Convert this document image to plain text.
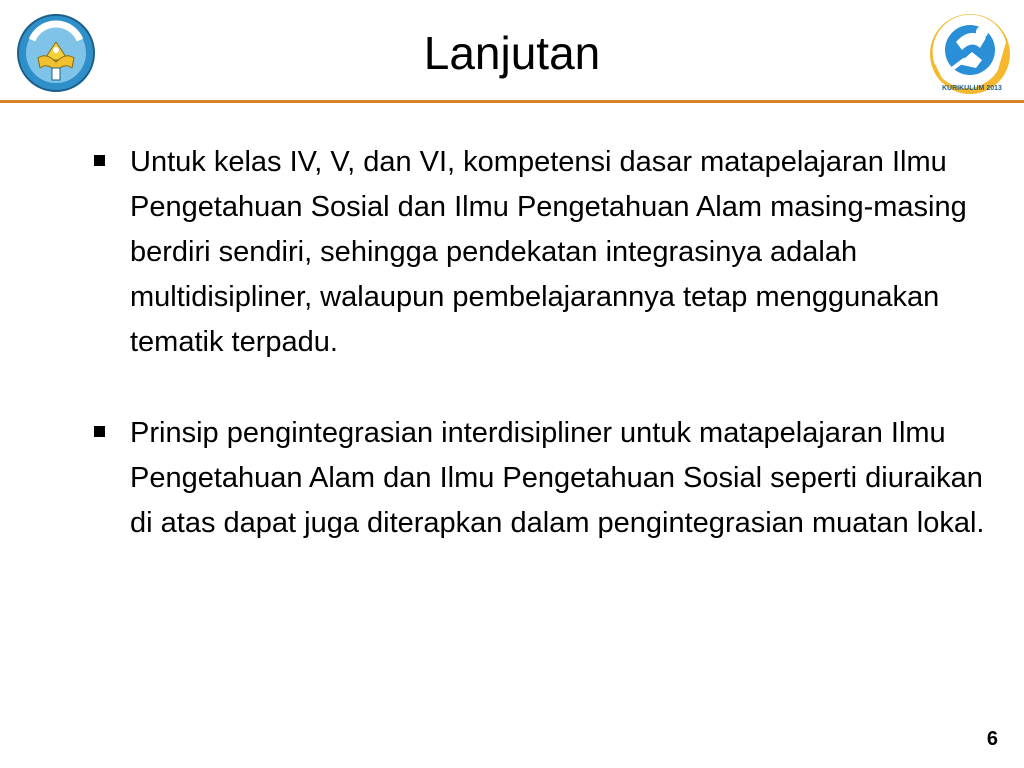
Lanjutan
KURIKULUM 2013
Untuk kelas IV, V, dan VI, kompetensi dasar matapelajaran Ilmu Pengetahuan Sosial dan Ilmu Pengetahuan Alam masing-masing berdiri sendiri, sehingga pendekatan integrasinya adalah multidisipliner, walaupun pembelajarannya tetap menggunakan tematik terpadu.
Prinsip pengintegrasian interdisipliner untuk matapelajaran Ilmu Pengetahuan Alam dan Ilmu Pengetahuan Sosial seperti diuraikan di atas dapat juga diterapkan dalam pengintegrasian muatan lokal.
6
